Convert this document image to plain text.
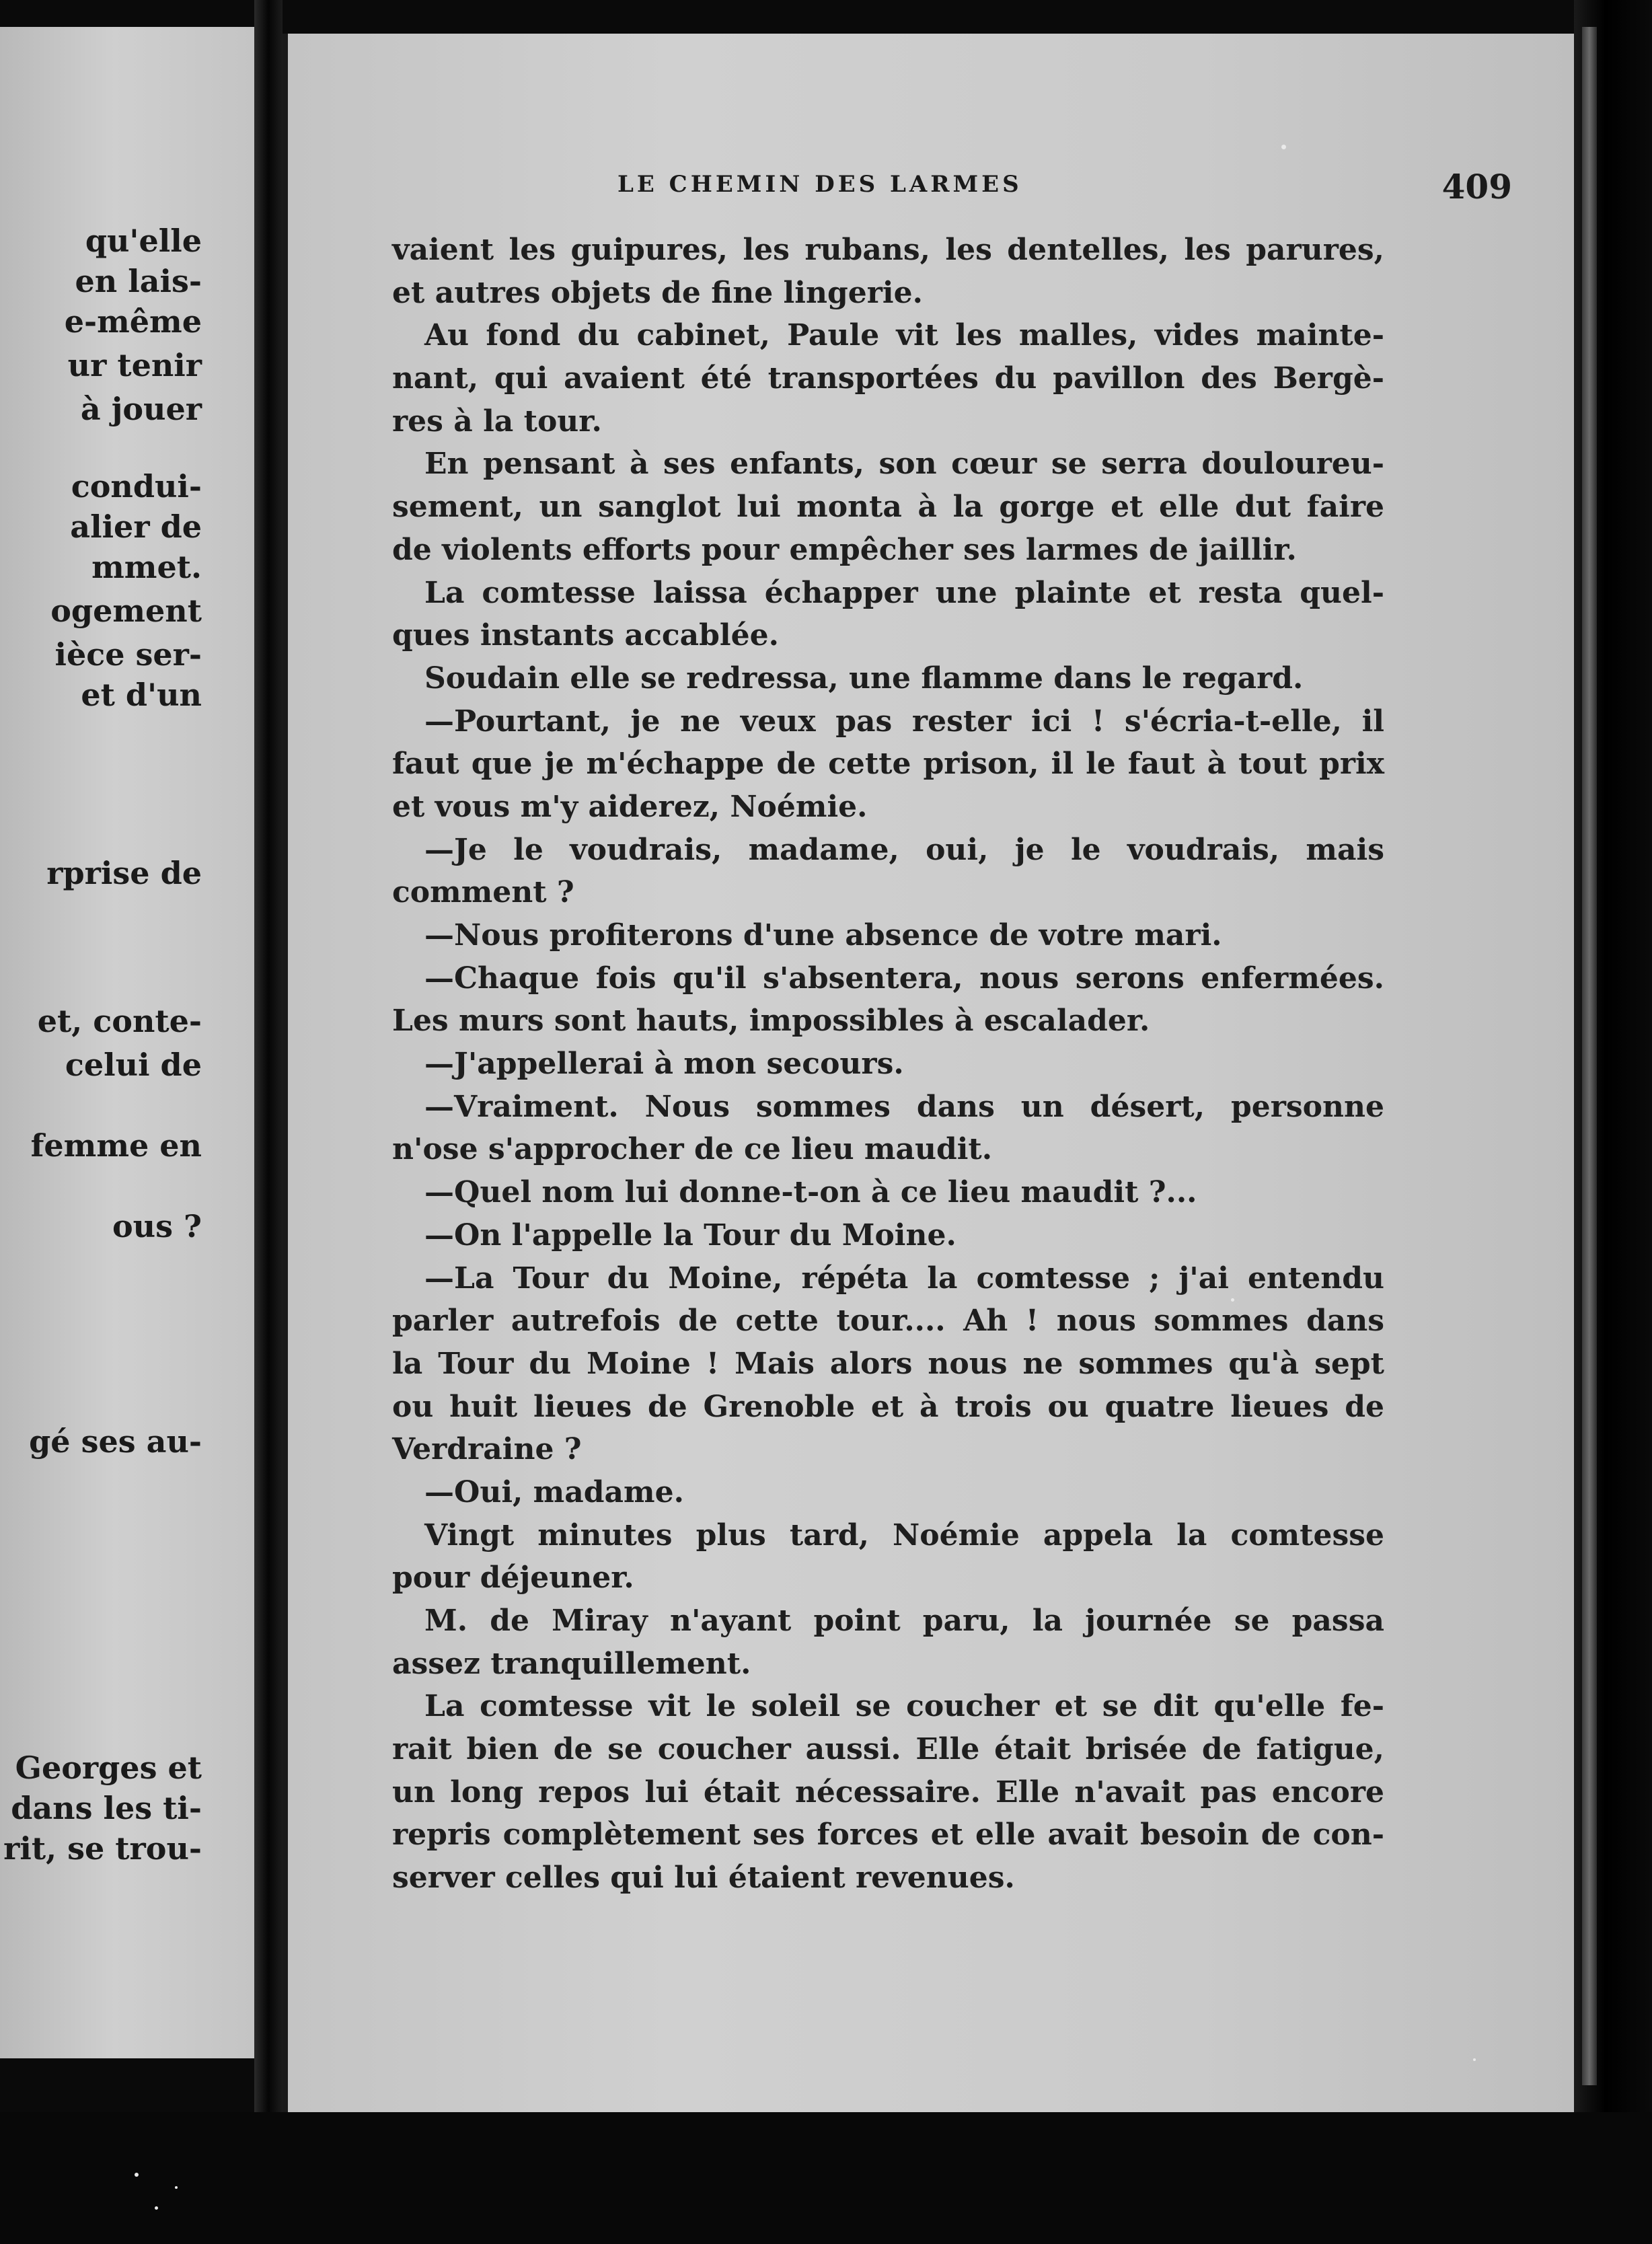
qu'elle
en lais-
e-même
ur tenir
à jouer
condui-
alier de
mmet.
ogement
ièce ser-
et d'un
rprise de
et, conte-
celui de
femme en
ous ?
gé ses au-
Georges et
dans les ti-
rit, se trou-
LE CHEMIN DES LARMES	409
vaient les guipures, les rubans, les dentelles, les parures,
et autres objets de fine lingerie.
Au fond du cabinet, Paule vit les malles, vides mainte-
nant, qui avaient été transportées du pavillon des Bergè-
res à la tour.
En pensant à ses enfants, son cœur se serra douloureu-
sement, un sanglot lui monta à la gorge et elle dut faire
de violents efforts pour empêcher ses larmes de jaillir.
La comtesse laissa échapper une plainte et resta quel-
ques instants accablée.
Soudain elle se redressa, une flamme dans le regard.
—Pourtant, je ne veux pas rester ici ! s'écria-t-elle, il
faut que je m'échappe de cette prison, il le faut à tout prix
et vous m'y aiderez, Noémie.
—Je le voudrais, madame, oui, je le voudrais, mais
comment ?
—Nous profiterons d'une absence de votre mari.
—Chaque fois qu'il s'absentera, nous serons enfermées.
Les murs sont hauts, impossibles à escalader.
—J'appellerai à mon secours.
—Vraiment. Nous sommes dans un désert, personne
n'ose s'approcher de ce lieu maudit.
—Quel nom lui donne-t-on à ce lieu maudit ?...
—On l'appelle la Tour du Moine.
—La Tour du Moine, répéta la comtesse ; j'ai entendu
parler autrefois de cette tour.... Ah ! nous sommes dans
la Tour du Moine ! Mais alors nous ne sommes qu'à sept
ou huit lieues de Grenoble et à trois ou quatre lieues de
Verdraine ?
—Oui, madame.
Vingt minutes plus tard, Noémie appela la comtesse
pour déjeuner.
M. de Miray n'ayant point paru, la journée se passa
assez tranquillement.
La comtesse vit le soleil se coucher et se dit qu'elle fe-
rait bien de se coucher aussi. Elle était brisée de fatigue,
un long repos lui était nécessaire. Elle n'avait pas encore
repris complètement ses forces et elle avait besoin de con-
server celles qui lui étaient revenues.
